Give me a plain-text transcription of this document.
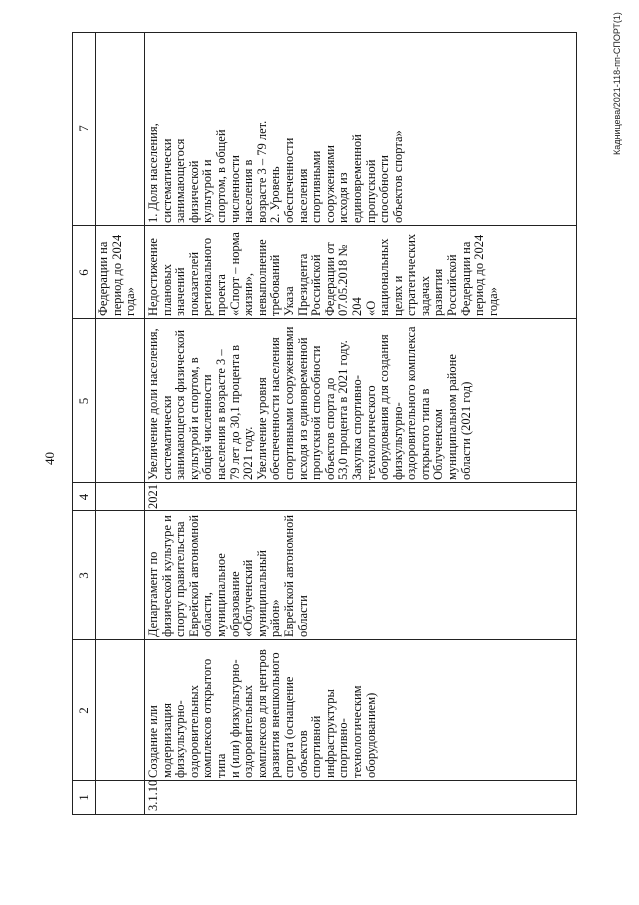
40
1
2
3
4
5
6
7
Федерации на
период до 2024
года»
3.1.10
Создание или модернизация
физкультурно-
оздоровительных
комплексов открытого типа
и (или) физкультурно-
оздоровительных
комплексов для центров
развития внешкольного
спорта (оснащение объектов
спортивной инфраструктуры
спортивно-технологическим
оборудованием)
Департамент по
физической культуре и
спорту правительства
Еврейской автономной
области, муниципальное
образование
«Облученский
муниципальный район»
Еврейской автономной
области
2021
Увеличение доли населения,
систематически
занимающегося физической
культурой и спортом, в
общей численности
населения в возрасте 3 –
79 лет до 30,1 процента в
2021 году.
Увеличение уровня
обеспеченности населения
спортивными сооружениями
исходя из единовременной
пропускной способности
объектов спорта до
53,0 процента в 2021 году.
Закупка спортивно-
технологического
оборудования для создания
физкультурно-
оздоровительного комплекса
открытого типа в
Облученском
муниципальном районе
области (2021 год)
Недостижение
плановых
значений
показателей
регионального
проекта
«Спорт – норма
жизни»,
невыполнение
требований
Указа
Президента
Российской
Федерации от
07.05.2018 №
204
«О
национальных
целях и
стратегических
задачах
развития
Российской
Федерации на
период до 2024
года»
1. Доля населения,
систематически
занимающегося
физической
культурой и
спортом, в общей
численности
населения в
возрасте 3 – 79 лет.
2. Уровень
обеспеченности
населения
спортивными
сооружениями
исходя из
единовременной
пропускной
способности
объектов спорта»	Кадницева/2021-118-пп-СПОРТ(1)
